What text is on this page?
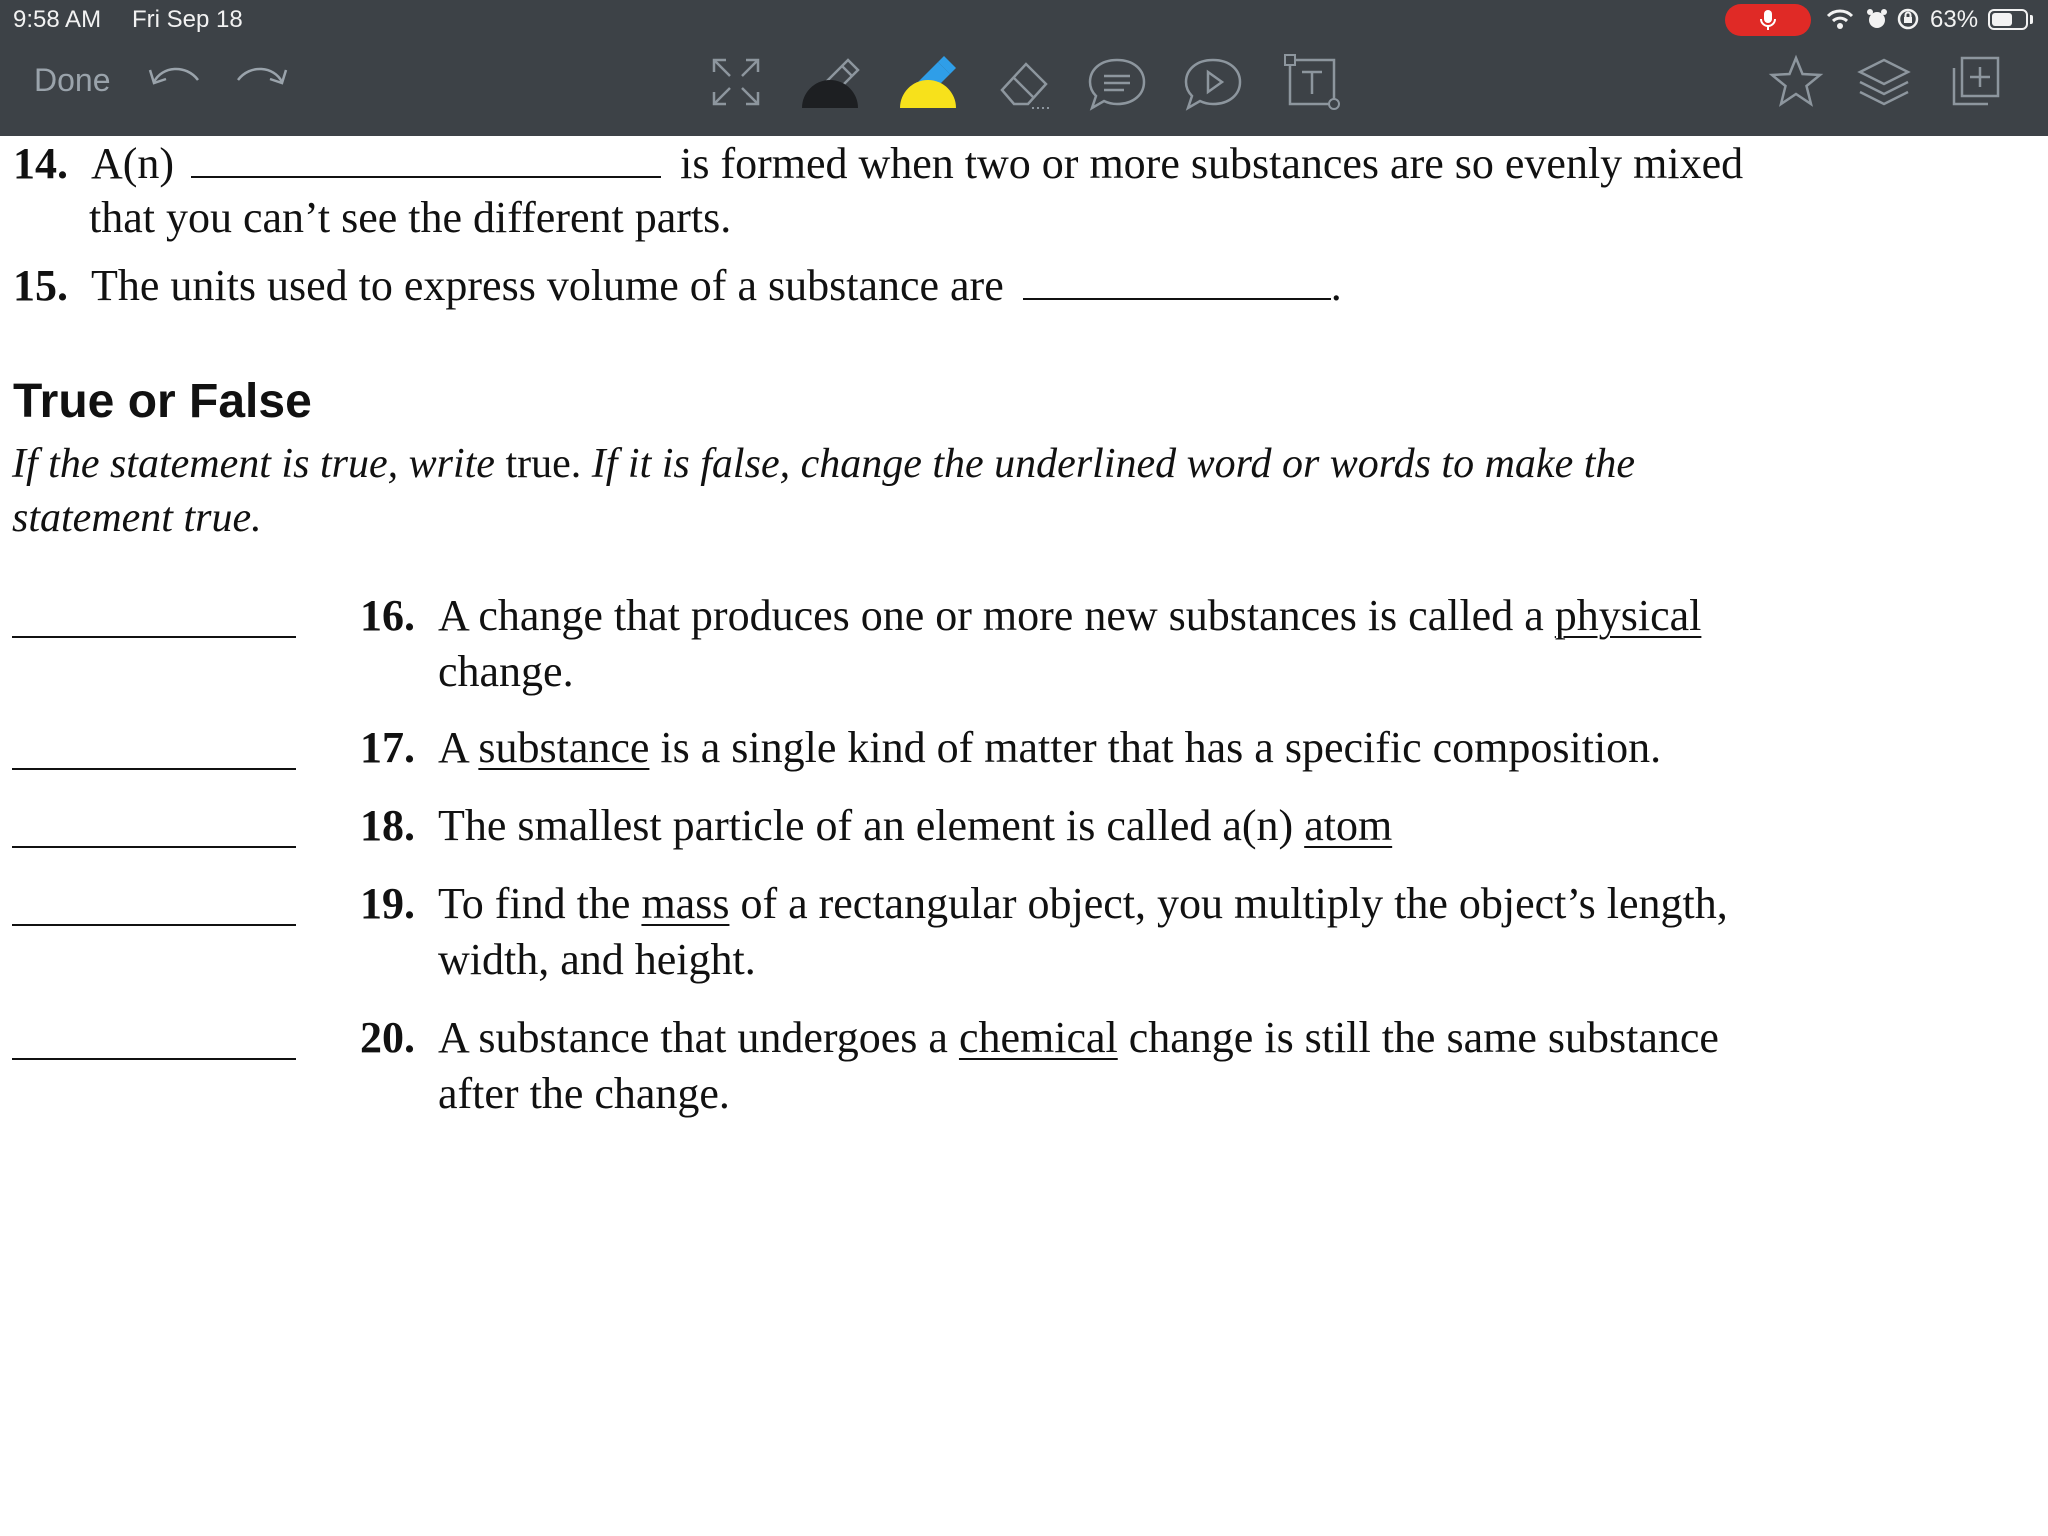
9:58 AM Fri Sep 18	63%
Done
14. A(n)	is formed when two or more substances are so evenly mixed
that you can’t see the different parts.
15. The units used to express volume of a substance are	.
True or False
If the statement is true, write true. If it is false, change the underlined word or words to make the
statement true.
16. A change that produces one or more new substances is called a physical
change.
17. A substance is a single kind of matter that has a specific composition.
18. The smallest particle of an element is called a(n) atom
19. To find the mass of a rectangular object, you multiply the object’s length,
width, and height.
20. A substance that undergoes a chemical change is still the same substance
after the change.
